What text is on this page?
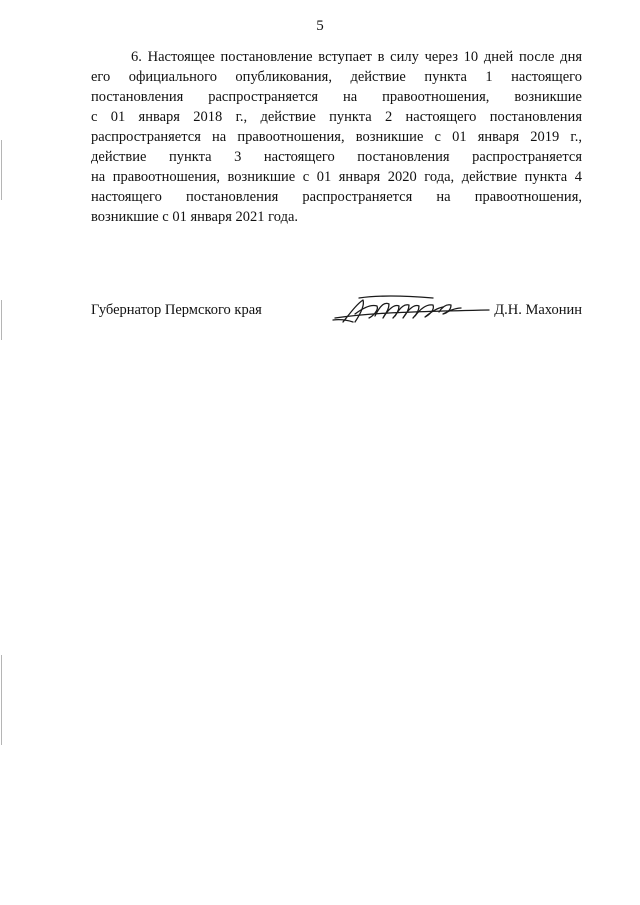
5
6. Настоящее постановление вступает в силу через 10 дней после дня
его официального опубликования, действие пункта 1 настоящего
постановления распространяется на правоотношения, возникшие
с 01 января 2018 г., действие пункта 2 настоящего постановления
распространяется на правоотношения, возникшие с 01 января 2019 г.,
действие пункта 3 настоящего постановления распространяется
на правоотношения, возникшие с 01 января 2020 года, действие пункта 4
настоящего постановления распространяется на правоотношения,
возникшие с 01 января 2021 года.
Губернатор Пермского края	Д.Н. Махонин
